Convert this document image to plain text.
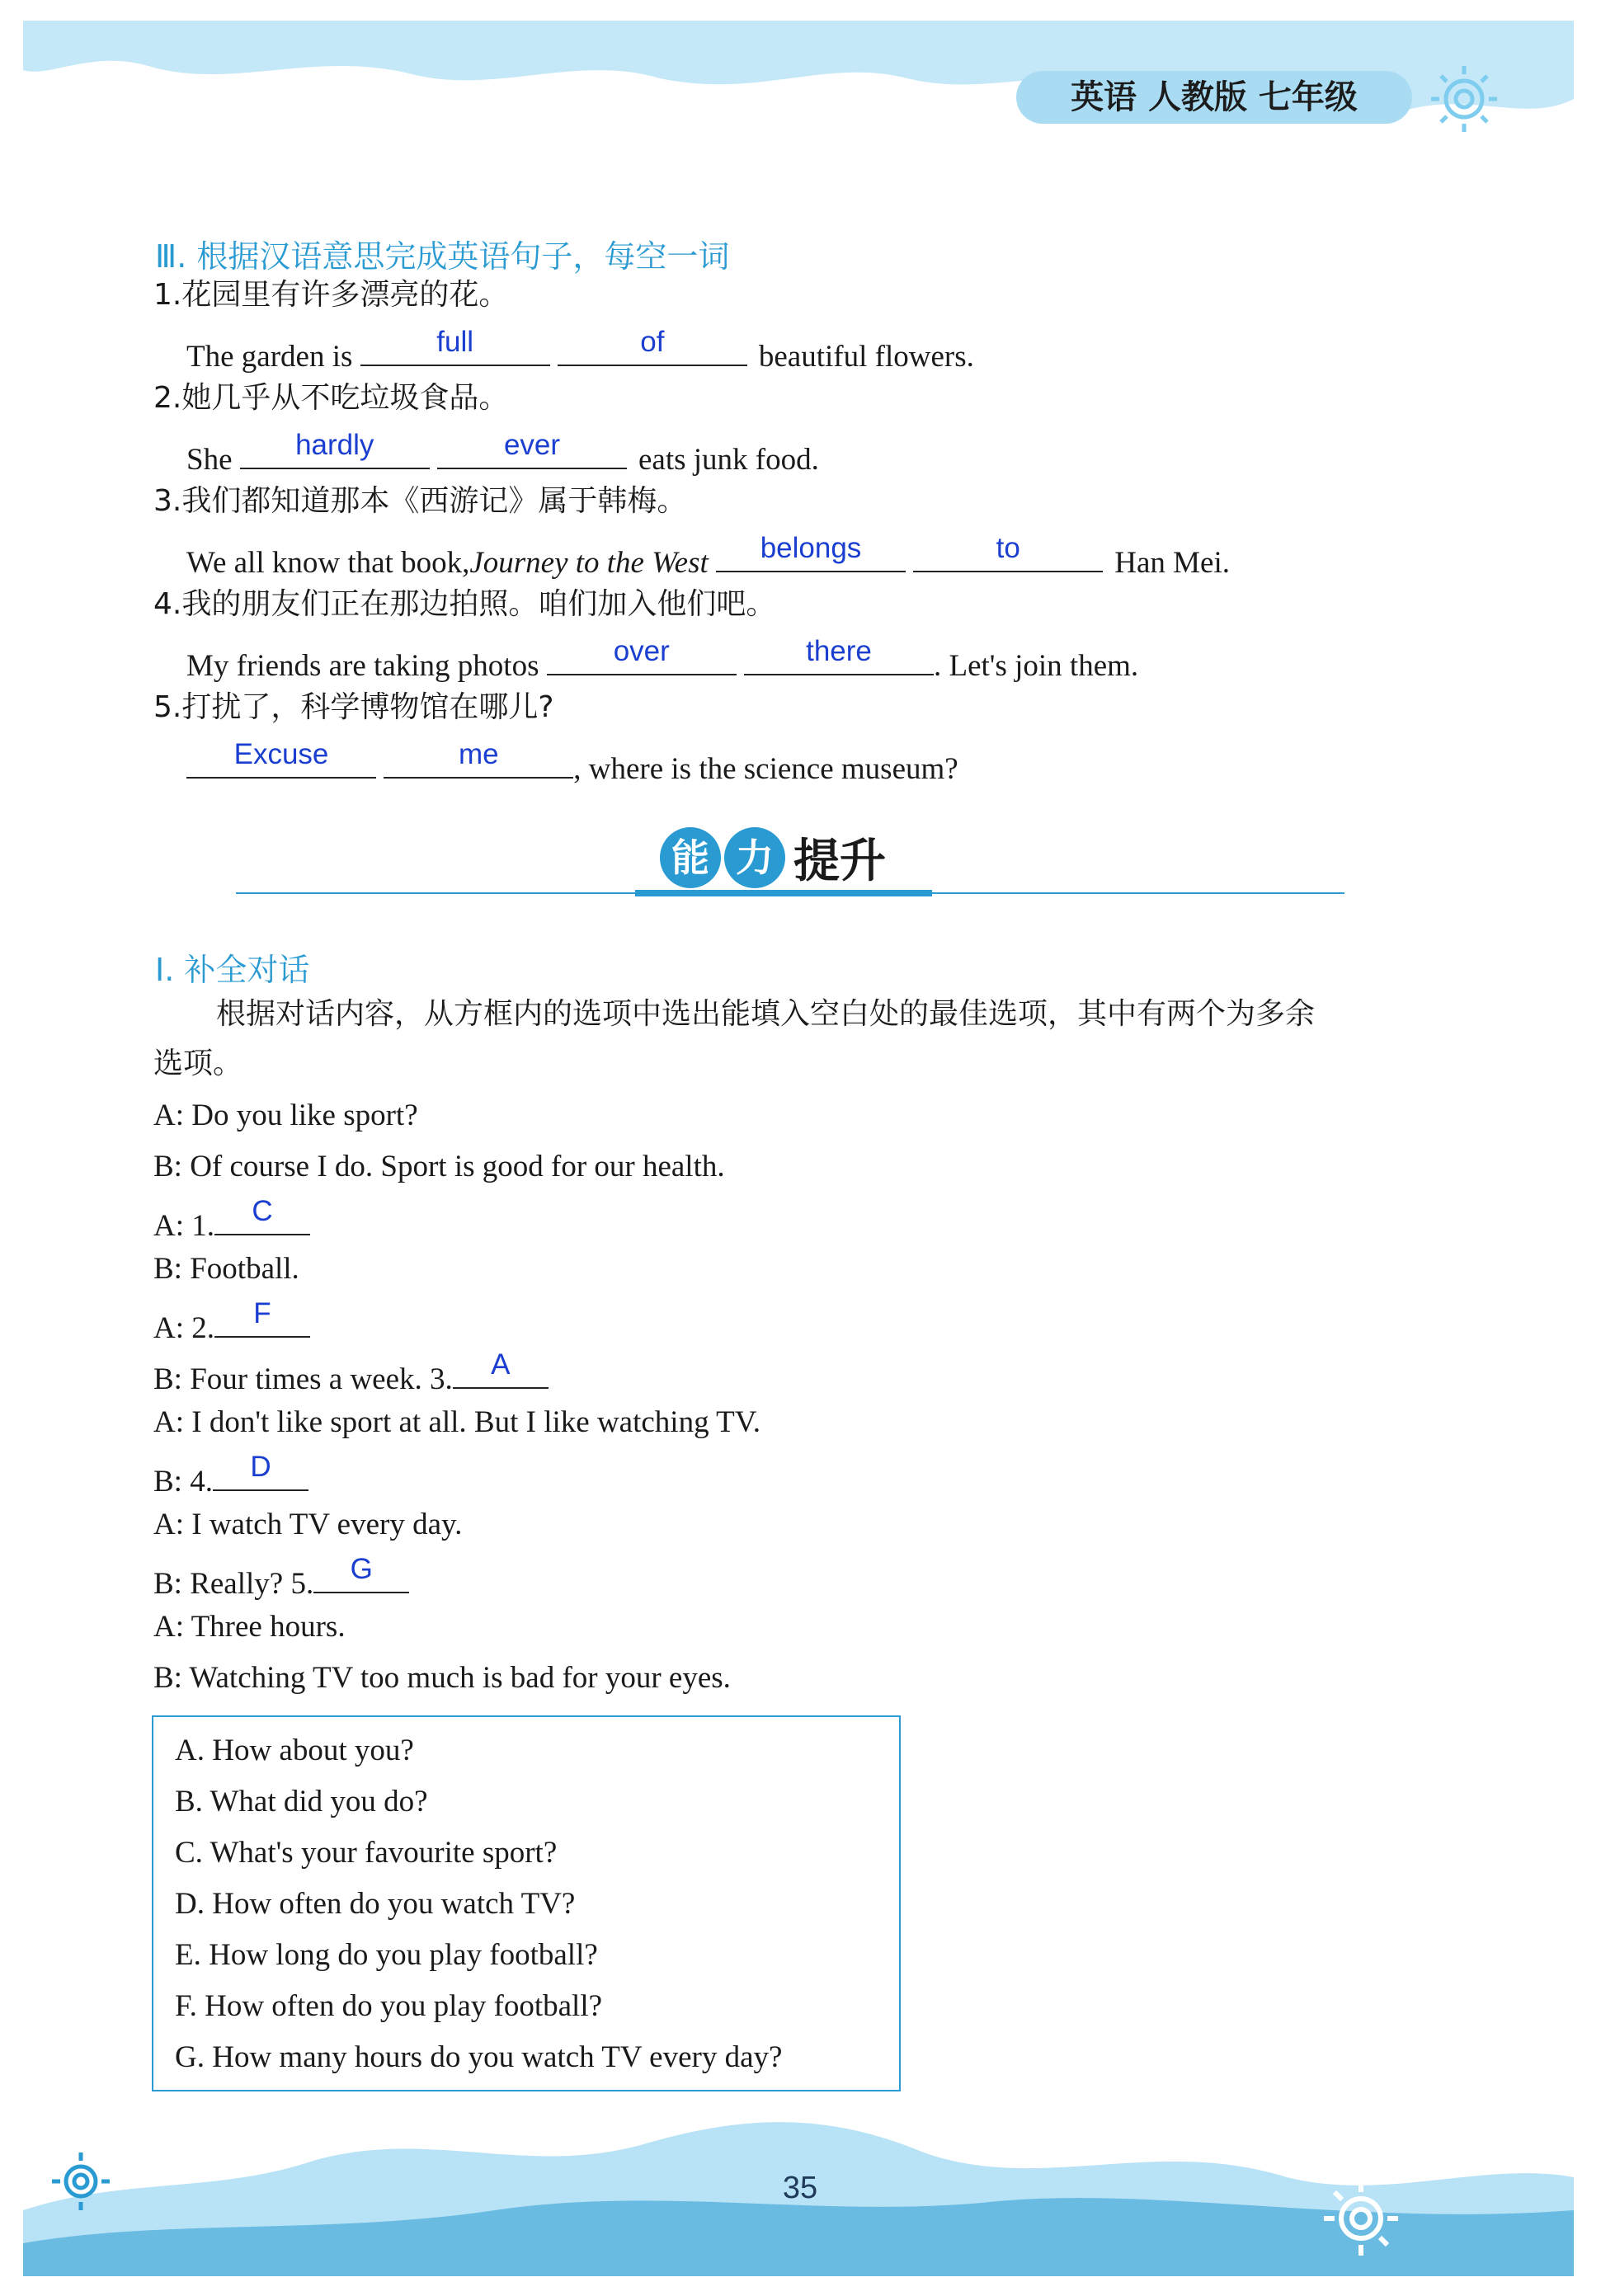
英语 人教版 七年级
Ⅲ. 根据汉语意思完成英语句子，每空一词
1.花园里有许多漂亮的花。
The garden is	full
	of	beautiful flowers.
2.她几乎从不吃垃圾食品。
She	hardly
	ever	eats junk food.
3.我们都知道那本《西游记》属于韩梅。
We all know that book,Journey to the West	belongs
	to	Han Mei.
4.我的朋友们正在那边拍照。咱们加入他们吧。
My friends are taking photos	over
	there	. Let's join them.
5.打扰了，科学博物馆在哪儿?
Excuse
	me	, where is the science museum?
能 力 提升
Ⅰ. 补全对话
根据对话内容，从方框内的选项中选出能填入空白处的最佳选项，其中有两个为多余
选项。
A: Do you like sport?
B: Of course I do. Sport is good for our health.
A: 1.	C
B: Football.
A: 2.	F
B: Four times a week. 3.	A
A: I don't like sport at all. But I like watching TV.
B: 4.	D
A: I watch TV every day.
B: Really? 5.	G
A: Three hours.
B: Watching TV too much is bad for your eyes.
A. How about you?
B. What did you do?
C. What's your favourite sport?
D. How often do you watch TV?
E. How long do you play football?
F. How often do you play football?
G. How many hours do you watch TV every day?
35
